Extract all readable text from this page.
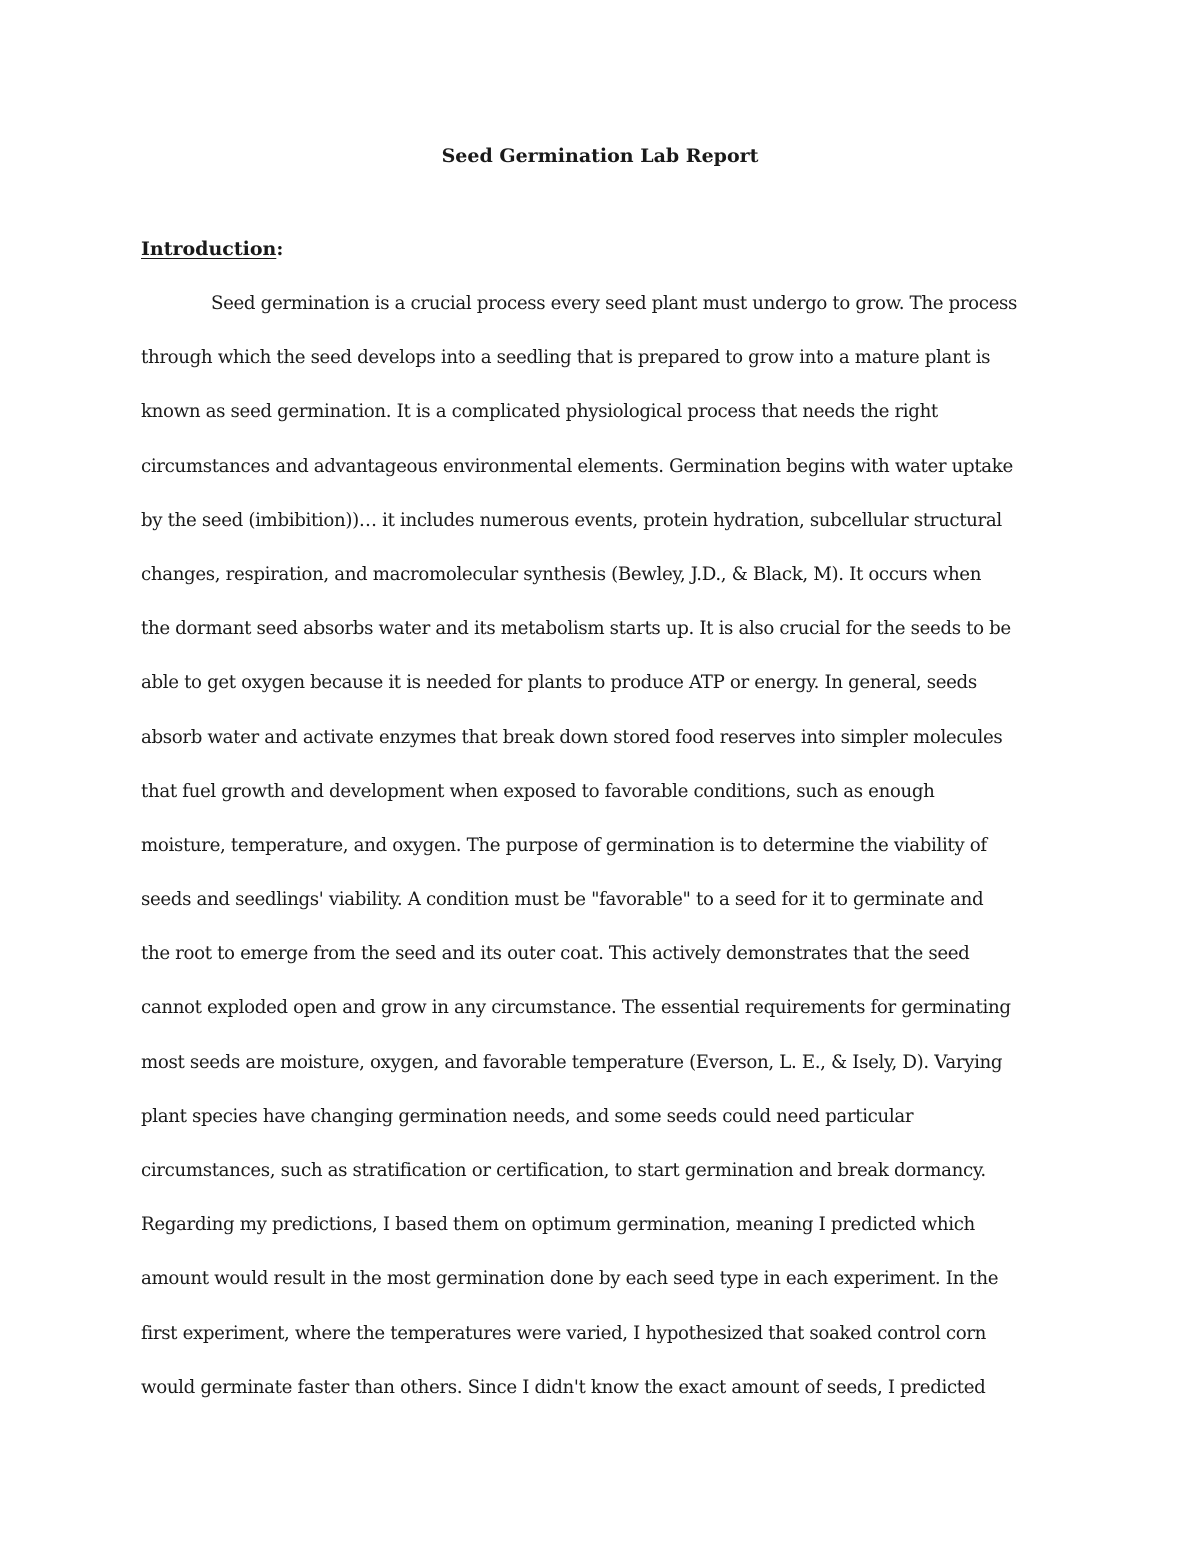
Seed Germination Lab Report
Introduction:
Seed germination is a crucial process every seed plant must undergo to grow. The process
through which the seed develops into a seedling that is prepared to grow into a mature plant is
known as seed germination. It is a complicated physiological process that needs the right
circumstances and advantageous environmental elements. Germination begins with water uptake
by the seed (imbibition))… it includes numerous events, protein hydration, subcellular structural
changes, respiration, and macromolecular synthesis (Bewley, J.D., & Black, M). It occurs when
the dormant seed absorbs water and its metabolism starts up. It is also crucial for the seeds to be
able to get oxygen because it is needed for plants to produce ATP or energy. In general, seeds
absorb water and activate enzymes that break down stored food reserves into simpler molecules
that fuel growth and development when exposed to favorable conditions, such as enough
moisture, temperature, and oxygen. The purpose of germination is to determine the viability of
seeds and seedlings' viability. A condition must be "favorable" to a seed for it to germinate and
the root to emerge from the seed and its outer coat. This actively demonstrates that the seed
cannot exploded open and grow in any circumstance. The essential requirements for germinating
most seeds are moisture, oxygen, and favorable temperature (Everson, L. E., & Isely, D). Varying
plant species have changing germination needs, and some seeds could need particular
circumstances, such as stratification or certification, to start germination and break dormancy.
Regarding my predictions, I based them on optimum germination, meaning I predicted which
amount would result in the most germination done by each seed type in each experiment. In the
first experiment, where the temperatures were varied, I hypothesized that soaked control corn
would germinate faster than others. Since I didn't know the exact amount of seeds, I predicted
